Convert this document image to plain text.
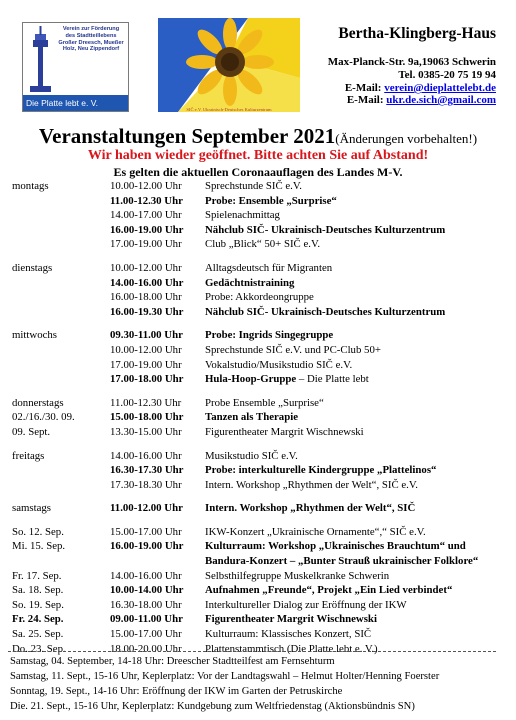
Verein zur Förderung
des Stadtteillebens
Großer Dreesch, Mueßer
Holz, Neu Zippendorf
Die Platte lebt e. V.
SIČ e.V. Ukrainisch-Deutsches Kulturzentrum
Bertha-Klingberg-Haus
Max-Planck-Str. 9a,19063 Schwerin
Tel. 0385-20 75 19 94
E-Mail: verein@dieplattelebt.de
E-Mail: ukr.de.sich@gmail.com
Veranstaltungen September 2021(Änderungen vorbehalten!)
Wir haben wieder geöffnet. Bitte achten Sie auf Abstand!
Es gelten die aktuellen Coronaauflagen des Landes M-V.
montags	10.00-12.00 Uhr Sprechstunde SIČ e.V.
11.00-12.30 Uhr Probe: Ensemble „Surprise“
14.00-17.00 Uhr Spielenachmittag
16.00-19.00 Uhr Nähclub SIČ- Ukrainisch-Deutsches Kulturzentrum
17.00-19.00 Uhr Club „Blick“ 50+ SIČ e.V.
dienstags	10.00-12.00 Uhr Alltagsdeutsch für Migranten
14.00-16.00 Uhr Gedächtnistraining
16.00-18.00 Uhr Probe: Akkordeongruppe
16.00-19.30 Uhr Nähclub SIČ- Ukrainisch-Deutsches Kulturzentrum
mittwochs	09.30-11.00 Uhr Probe: Ingrids Singegruppe
10.00-12.00 Uhr Sprechstunde SIČ e.V. und PC-Club 50+
17.00-19.00 Uhr Vokalstudio/Musikstudio SIČ e.V.
17.00-18.00 Uhr Hula-Hoop-Gruppe – Die Platte lebt
donnerstags	11.00-12.30 Uhr Probe Ensemble „Surprise“
02./16./30. 09.	15.00-18.00 Uhr Tanzen als Therapie
09. Sept.	13.30-15.00 Uhr Figurentheater Margrit Wischnewski
freitags	14.00-16.00 Uhr Musikstudio SIČ e.V.
16.30-17.30 Uhr Probe: interkulturelle Kindergruppe „Plattelinos“
17.30-18.30 Uhr Intern. Workshop „Rhythmen der Welt“, SIČ e.V.
samstags	11.00-12.00 Uhr Intern. Workshop „Rhythmen der Welt“, SIČ
So. 12. Sep.	15.00-17.00 Uhr IKW-Konzert „Ukrainische Ornamente“,“ SIČ e.V.
Mi. 15. Sep.	16.00-19.00 Uhr Kulturraum: Workshop „Ukrainisches Brauchtum“ und
Bandura-Konzert – „Bunter Strauß ukrainischer Folklore“
Fr. 17. Sep.	14.00-16.00 Uhr Selbsthilfegruppe Muskelkranke Schwerin
Sa. 18. Sep.	10.00-14.00 Uhr Aufnahmen „Freunde“, Projekt „Ein Lied verbindet“
So. 19. Sep.	16.30-18.00 Uhr Interkultureller Dialog zur Eröffnung der IKW
Fr. 24. Sep.	09.00-11.00 Uhr Figurentheater Margrit Wischnewski
Sa. 25. Sep.	15.00-17.00 Uhr Kulturraum: Klassisches Konzert, SIČ
Do. 23. Sep.	18.00-20.00 Uhr Plattenstammtisch (Die Platte lebt e. V.)
Samstag, 04. September, 14-18 Uhr: Dreescher Stadtteilfest am Fernsehturm
Samstag, 11. Sept., 15-16 Uhr, Keplerplatz: Vor der Landtagswahl – Helmut Holter/Henning Foerster
Sonntag, 19. Sept., 14-16 Uhr: Eröffnung der IKW im Garten der Petruskirche
Die. 21. Sept., 15-16 Uhr, Keplerplatz: Kundgebung zum Weltfriedenstag (Aktionsbündnis SN)
